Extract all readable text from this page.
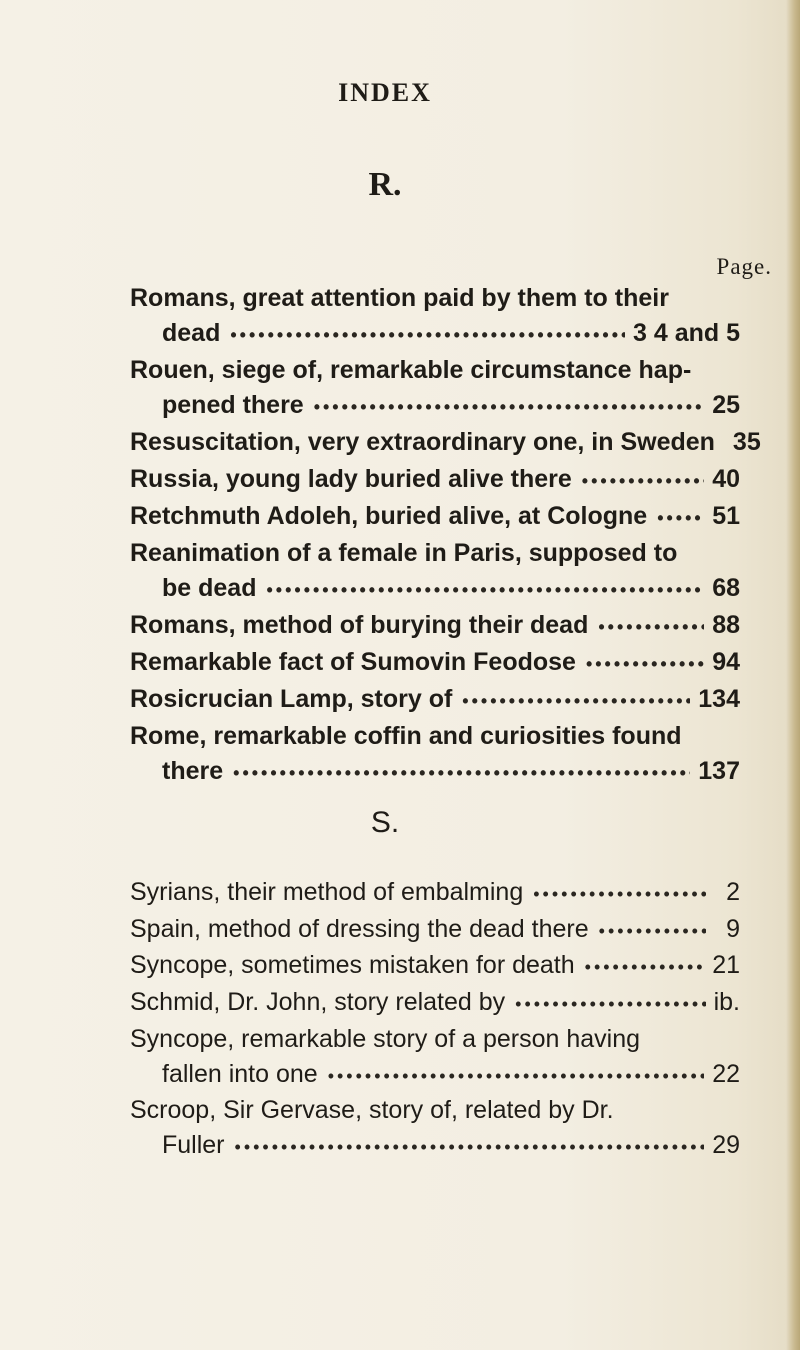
INDEX
R.
Page.
Romans, great attention paid by them to their
dead •••••	3 4 and 5
Rouen, siege of, remarkable circumstance hap-
pened there •••••	25
Resuscitation, very extraordinary one, in Sweden 35
Russia, young lady buried alive there •••••	40
Retchmuth Adoleh, buried alive, at Cologne •••••	51
Reanimation of a female in Paris, supposed to
be dead •••••	68
Romans, method of burying their dead •••••	88
Remarkable fact of Sumovin Feodose •••••	94
Rosicrucian Lamp, story of •••••	134
Rome, remarkable coffin and curiosities found
there •••••	137
S.
Syrians, their method of embalming •••••	2
Spain, method of dressing the dead there •••••	9
Syncope, sometimes mistaken for death •••••	21
Schmid, Dr. John, story related by •••••	ib.
Syncope, remarkable story of a person having
fallen into one •••••	22
Scroop, Sir Gervase, story of, related by Dr.
Fuller •••••	29
